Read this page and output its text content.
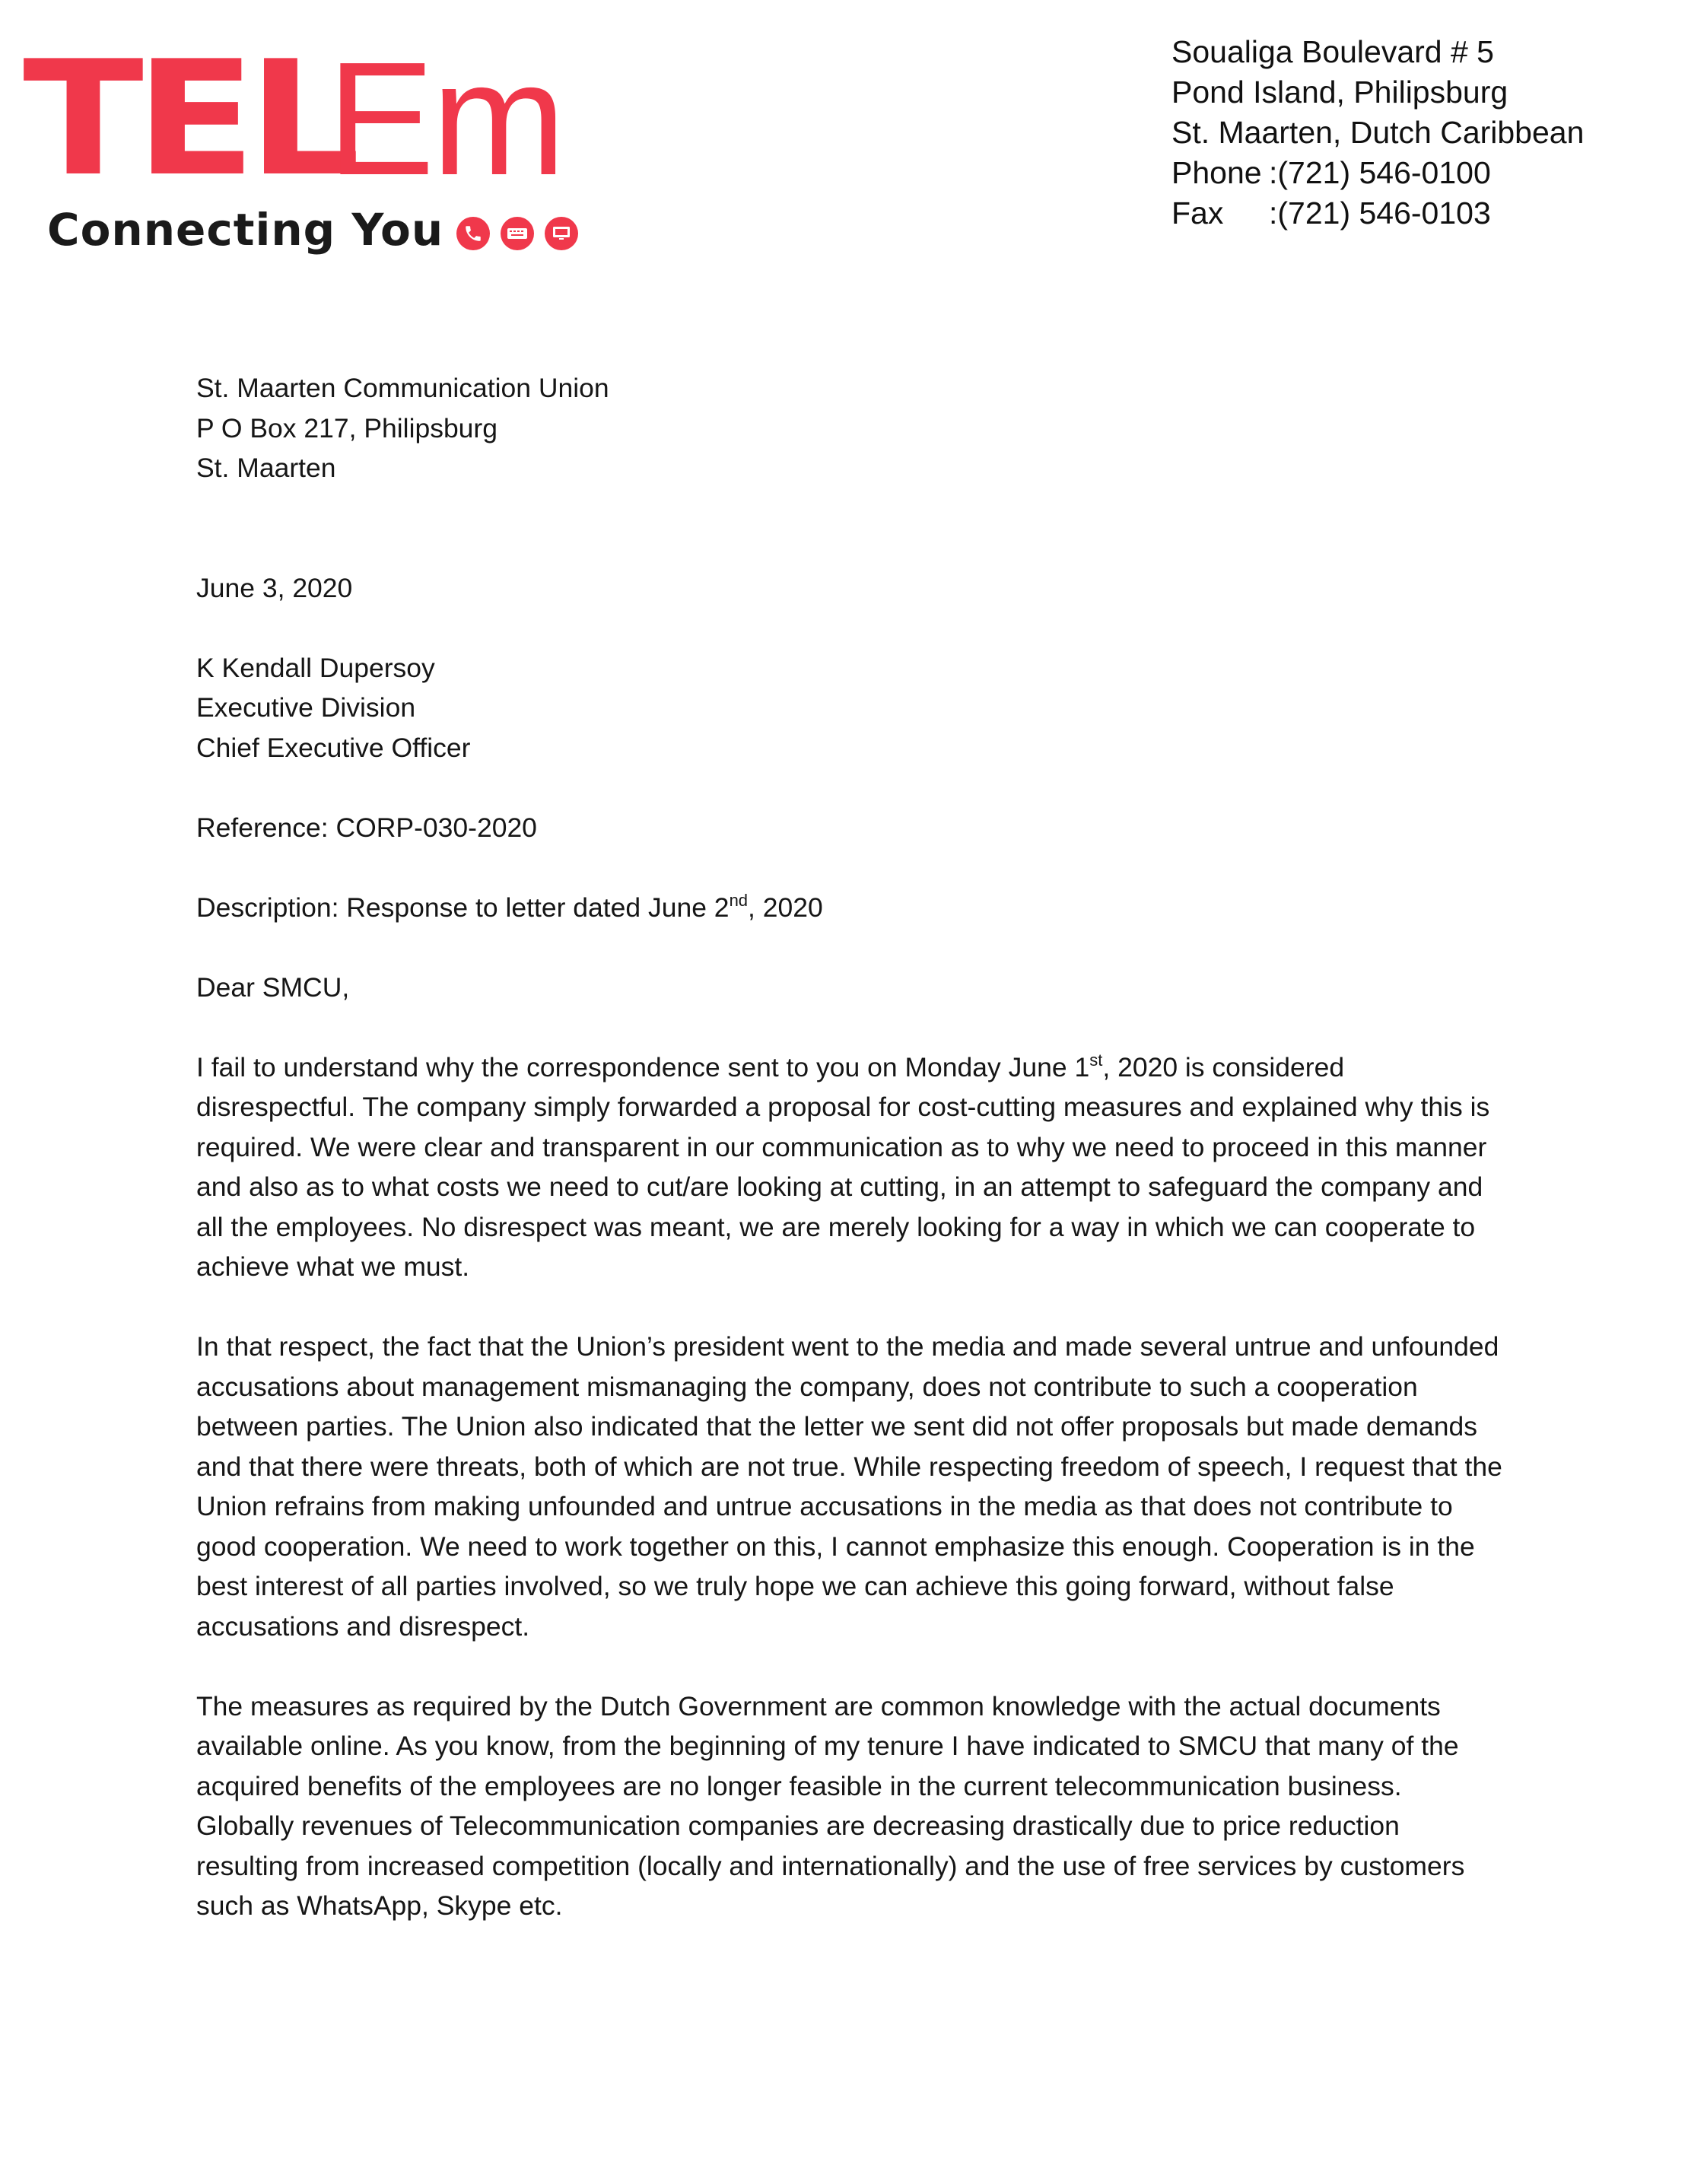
TEL
Em
Connecting You
Soualiga Boulevard # 5
Pond Island, Philipsburg
St. Maarten, Dutch Caribbean
Phone :(721) 546-0100
Fax :(721) 546-0103

St. Maarten Communication Union

P O Box 217, Philipsburg

St. Maarten

June 3, 2020

K Kendall Dupersoy

Executive Division

Chief Executive Officer

Reference: CORP-030-2020

Description: Response to letter dated June 2nd, 2020

Dear SMCU,

I fail to understand why the correspondence sent to you on Monday June 1st, 2020 is considered disrespectful. The company simply forwarded a proposal for cost-cutting measures and explained why this is required. We were clear and transparent in our communication as to why we need to proceed in this manner and also as to what costs we need to cut/are looking at cutting, in an attempt to safeguard the company and all the employees. No disrespect was meant, we are merely looking for a way in which we can cooperate to achieve what we must.

In that respect, the fact that the Union’s president went to the media and made several untrue and unfounded accusations about management mismanaging the company, does not contribute to such a cooperation between parties. The Union also indicated that the letter we sent did not offer proposals but made demands and that there were threats, both of which are not true. While respecting freedom of speech, I request that the Union refrains from making unfounded and untrue accusations in the media as that does not contribute to good cooperation. We need to work together on this, I cannot emphasize this enough. Cooperation is in the best interest of all parties involved, so we truly hope we can achieve this going forward, without false accusations and disrespect.

The measures as required by the Dutch Government are common knowledge with the actual documents available online. As you know, from the beginning of my tenure I have indicated to SMCU that many of the acquired benefits of the employees are no longer feasible in the current telecommunication business. Globally revenues of Telecommunication companies are decreasing drastically due to price reduction resulting from increased competition (locally and internationally) and the use of free services by customers such as WhatsApp, Skype etc.
